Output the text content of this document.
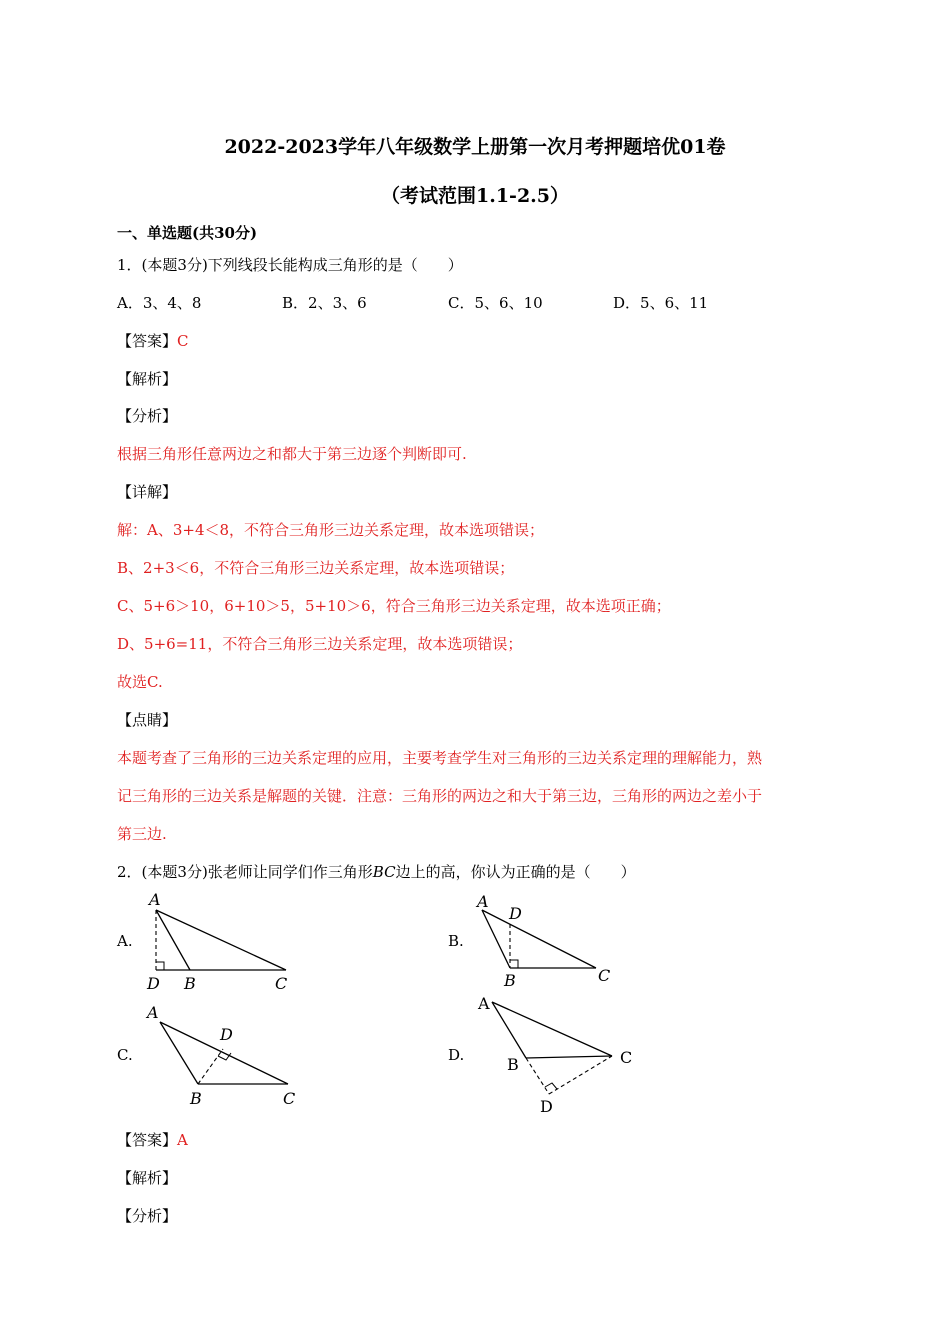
2022-2023学年八年级数学上册第一次月考押题培优01卷
（考试范围1.1-2.5）
一、单选题(共30分)
1．(本题3分)下列线段长能构成三角形的是（　　）
A．3、4、8	B．2、3、6	C．5、6、10	D．5、6、11
【答案】C
【解析】
【分析】
根据三角形任意两边之和都大于第三边逐个判断即可.
【详解】
解：A、3+4＜8，不符合三角形三边关系定理，故本选项错误；
B、2+3＜6，不符合三角形三边关系定理，故本选项错误；
C、5+6＞10，6+10＞5，5+10＞6，符合三角形三边关系定理，故本选项正确；
D、5+6=11，不符合三角形三边关系定理，故本选项错误；
故选C.
【点睛】
本题考查了三角形的三边关系定理的应用，主要考查学生对三角形的三边关系定理的理解能力，熟
记三角形的三边关系是解题的关键．注意：三角形的两边之和大于第三边，三角形的两边之差小于
第三边.
2．(本题3分)张老师让同学们作三角形BC边上的高，你认为正确的是（　　）
A.
A
D B	C
B.
A
D
B	C
C.
A
D
B	C
D.
A
B	C
D
【答案】A
【解析】
【分析】
